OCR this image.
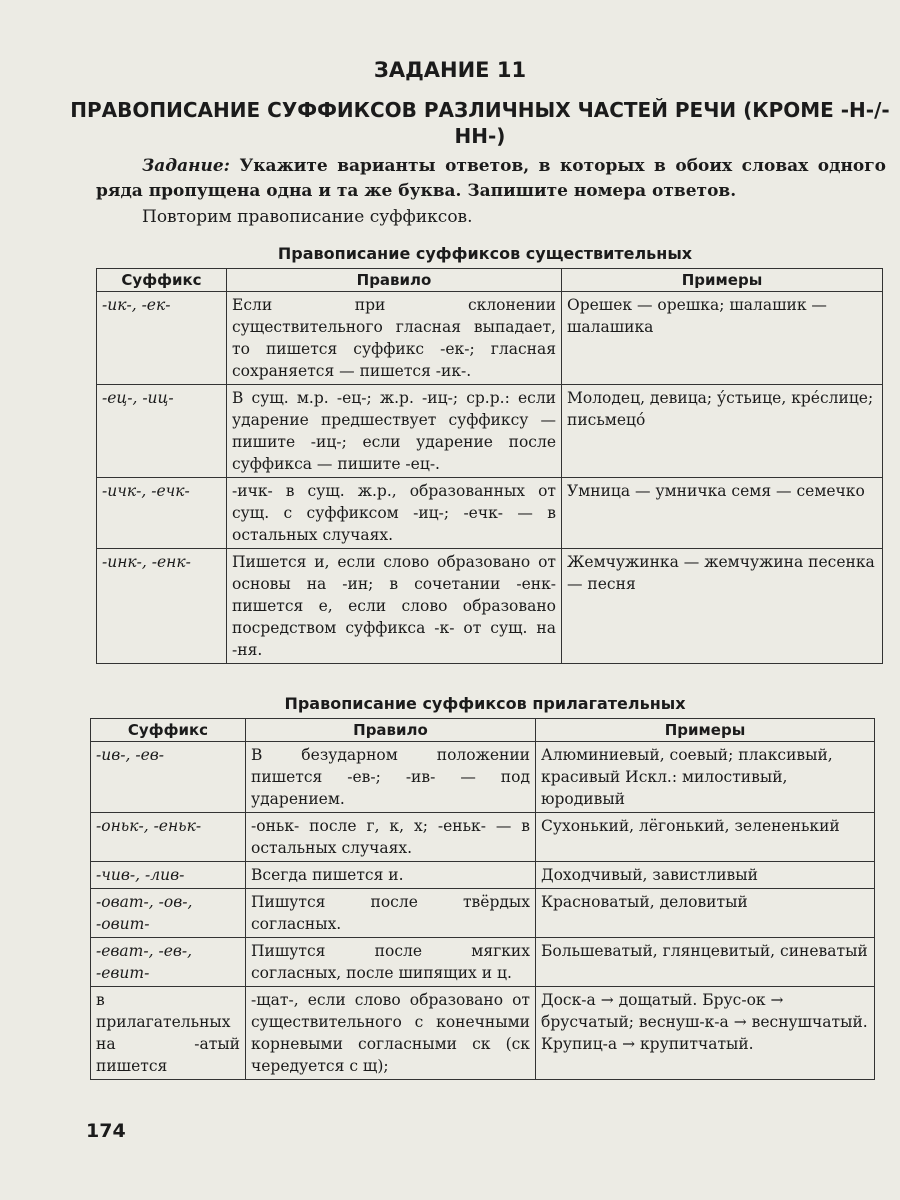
ЗАДАНИЕ 11
ПРАВОПИСАНИЕ СУФФИКСОВ РАЗЛИЧНЫХ ЧАСТЕЙ РЕЧИ (КРОМЕ -Н-/-НН-)
Задание: Укажите варианты ответов, в которых в обоих словах одного ряда пропущена одна и та же буква. Запишите номера ответов.
Повторим правописание суффиксов.
Правописание суффиксов существительных
Суффикс	Правило	Примеры
-ик-, -ек-	Если при склонении существительного гласная выпадает, то пишется суффикс -ек-; гласная сохраняется — пишется -ик-.	Орешек — орешка; шалашик — шалашика
-ец-, -иц-	В сущ. м.р. -ец-; ж.р. -иц-; ср.р.: если ударение предшествует суффиксу — пишите -иц-; если ударение после суффикса — пишите -ец-.	Молодец, девица; у́стьице, кре́слице; письмецо́
-ичк-, -ечк-	-ичк- в сущ. ж.р., образованных от сущ. с суффиксом -иц-; -ечк- — в остальных случаях.	Умница — умничка семя — семечко
-инк-, -енк-	Пишется и, если слово образовано от основы на -ин; в сочетании -енк- пишется е, если слово образовано посредством суффикса -к- от сущ. на -ня.	Жемчужинка — жемчужина песенка — песня
Правописание суффиксов прилагательных
Суффикс	Правило	Примеры
-ив-, -ев-	В безударном положении пишется -ев-; -ив- — под ударением.	Алюминиевый, соевый; плаксивый, красивый Искл.: милостивый, юродивый
-оньк-, -еньк-	-оньк- после г, к, х; -еньк- — в остальных случаях.	Сухонький, лёгонький, зелененький
-чив-, -лив-	Всегда пишется и.	Доходчивый, завистливый
-оват-, -ов-, -овит-	Пишутся после твёрдых согласных.	Красноватый, деловитый
-еват-, -ев-, -евит-	Пишутся после мягких согласных, после шипящих и ц.	Большеватый, глянцевитый, синеватый
в прилагательных на -атый пишется	-щат-, если слово образовано от существительного с конечными корневыми согласными ск (ск чередуется с щ);	Доск-а → дощатый. Брус-ок → брусчатый; веснуш-к-а → веснушчатый. Крупиц-а → крупитчатый.
174
